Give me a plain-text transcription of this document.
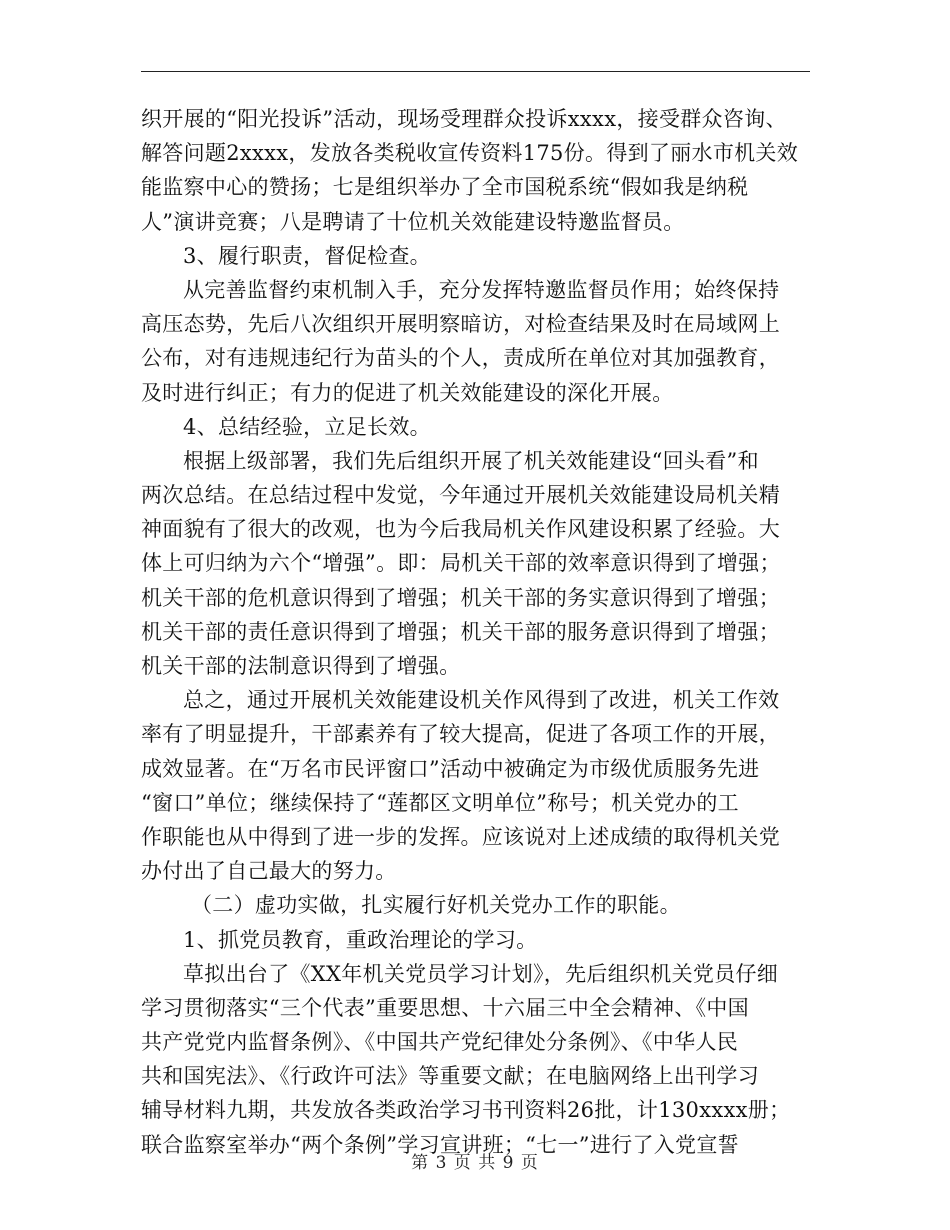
织开展的“阳光投诉”活动，现场受理群众投诉xxxx，接受群众咨询、
解答问题2xxxx，发放各类税收宣传资料175份。得到了丽水市机关效
能监察中心的赞扬；七是组织举办了全市国税系统“假如我是纳税
人”演讲竞赛；八是聘请了十位机关效能建设特邀监督员。
3、履行职责，督促检查。
从完善监督约束机制入手，充分发挥特邀监督员作用；始终保持
高压态势，先后八次组织开展明察暗访，对检查结果及时在局域网上
公布，对有违规违纪行为苗头的个人，责成所在单位对其加强教育，
及时进行纠正；有力的促进了机关效能建设的深化开展。
4、总结经验，立足长效。
根据上级部署，我们先后组织开展了机关效能建设“回头看”和
两次总结。在总结过程中发觉，今年通过开展机关效能建设局机关精
神面貌有了很大的改观，也为今后我局机关作风建设积累了经验。大
体上可归纳为六个“增强”。即：局机关干部的效率意识得到了增强；
机关干部的危机意识得到了增强；机关干部的务实意识得到了增强；
机关干部的责任意识得到了增强；机关干部的服务意识得到了增强；
机关干部的法制意识得到了增强。
总之，通过开展机关效能建设机关作风得到了改进，机关工作效
率有了明显提升，干部素养有了较大提高，促进了各项工作的开展，
成效显著。在“万名市民评窗口”活动中被确定为市级优质服务先进
“窗口”单位；继续保持了“莲都区文明单位”称号；机关党办的工
作职能也从中得到了进一步的发挥。应该说对上述成绩的取得机关党
办付出了自己最大的努力。
（二）虚功实做，扎实履行好机关党办工作的职能。
1、抓党员教育，重政治理论的学习。
草拟出台了《XX年机关党员学习计划》，先后组织机关党员仔细
学习贯彻落实“三个代表”重要思想、十六届三中全会精神、《中国
共产党党内监督条例》、《中国共产党纪律处分条例》、《中华人民
共和国宪法》、《行政许可法》等重要文献；在电脑网络上出刊学习
辅导材料九期，共发放各类政治学习书刊资料26批，计130xxxx册；
联合监察室举办“两个条例”学习宣讲班；“七一”进行了入党宣誓
第 3 页 共 9 页
